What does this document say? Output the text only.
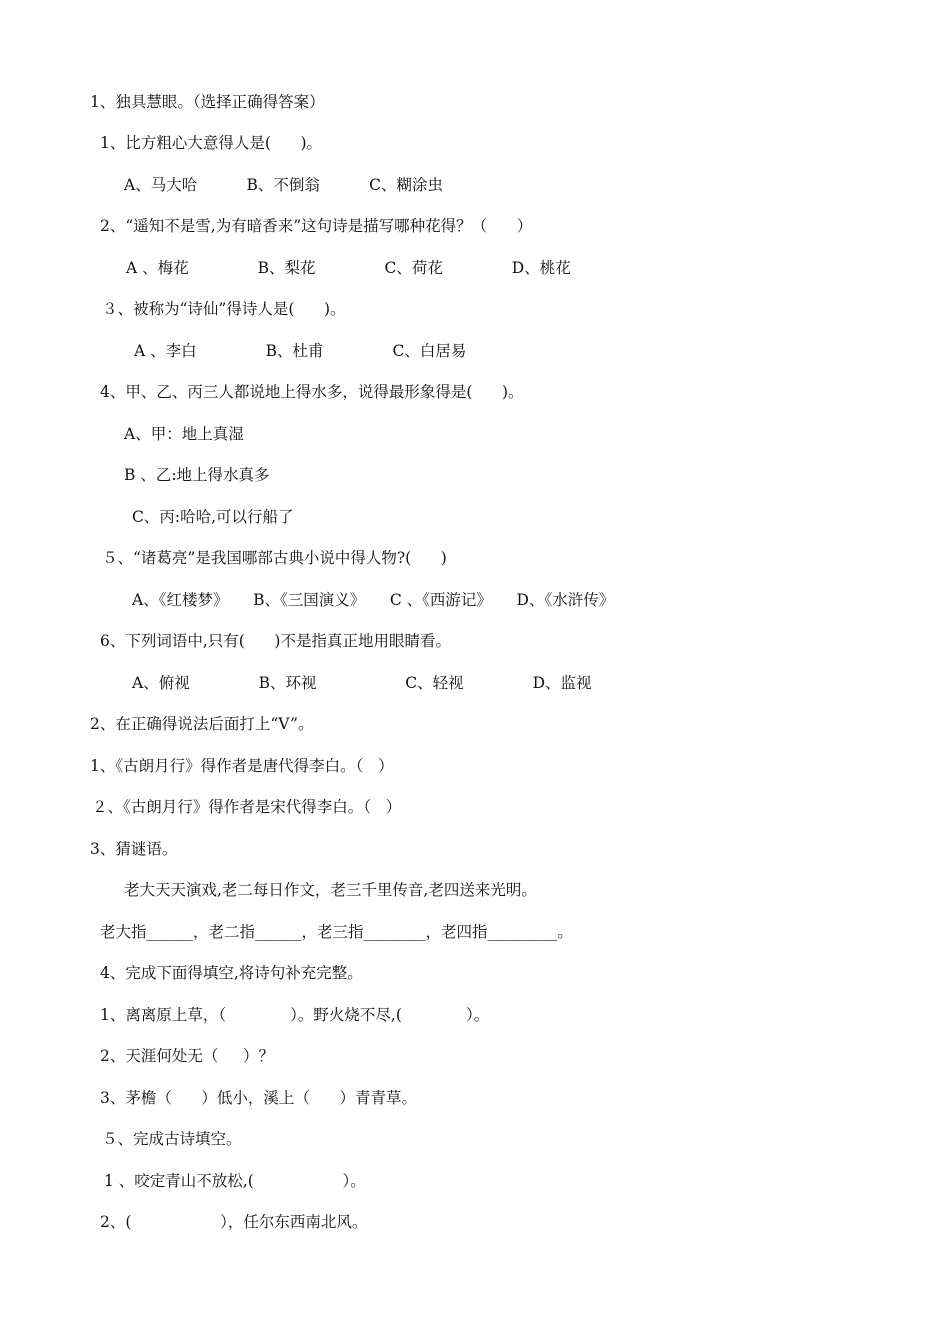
1、独具慧眼。（选择正确得答案）
1、比方粗心大意得人是(      )。
A、马大哈          B、不倒翁          C、糊涂虫
2、“遥知不是雪,为有暗香来”这句诗是描写哪种花得？（      ）
A 、梅花              B、梨花              C、荷花              D、桃花
３、被称为“诗仙”得诗人是(      )。
A 、李白              B、杜甫              C、白居易
4、甲、乙、丙三人都说地上得水多，说得最形象得是(      )。
A、甲：地上真湿
B 、乙:地上得水真多
C、丙:哈哈,可以行船了
５、“诸葛亮”是我国哪部古典小说中得人物?(      )
A、《红楼梦》     B、《三国演义》     C 、《西游记》     D、《水浒传》
6、下列词语中,只有(      )不是指真正地用眼睛看。
A、俯视              B、环视                  C、轻视              D、监视
2、在正确得说法后面打上“V”。
1、《古朗月行》得作者是唐代得李白。（   ）
２、《古朗月行》得作者是宋代得李白。（   ）
3、猜谜语。
老大天天演戏,老二每日作文，老三千里传音,老四送来光明。
老大指______，老二指______，老三指________，老四指_________。
4、完成下面得填空,将诗句补充完整。
1、离离原上草，（             ）。野火烧不尽,(             ）。
2、天涯何处无（     ）？
3、茅檐（      ）低小，溪上（      ）青青草。
５、完成古诗填空。
1 、咬定青山不放松,(                  ）。
2、(                  ），任尔东西南北风。
